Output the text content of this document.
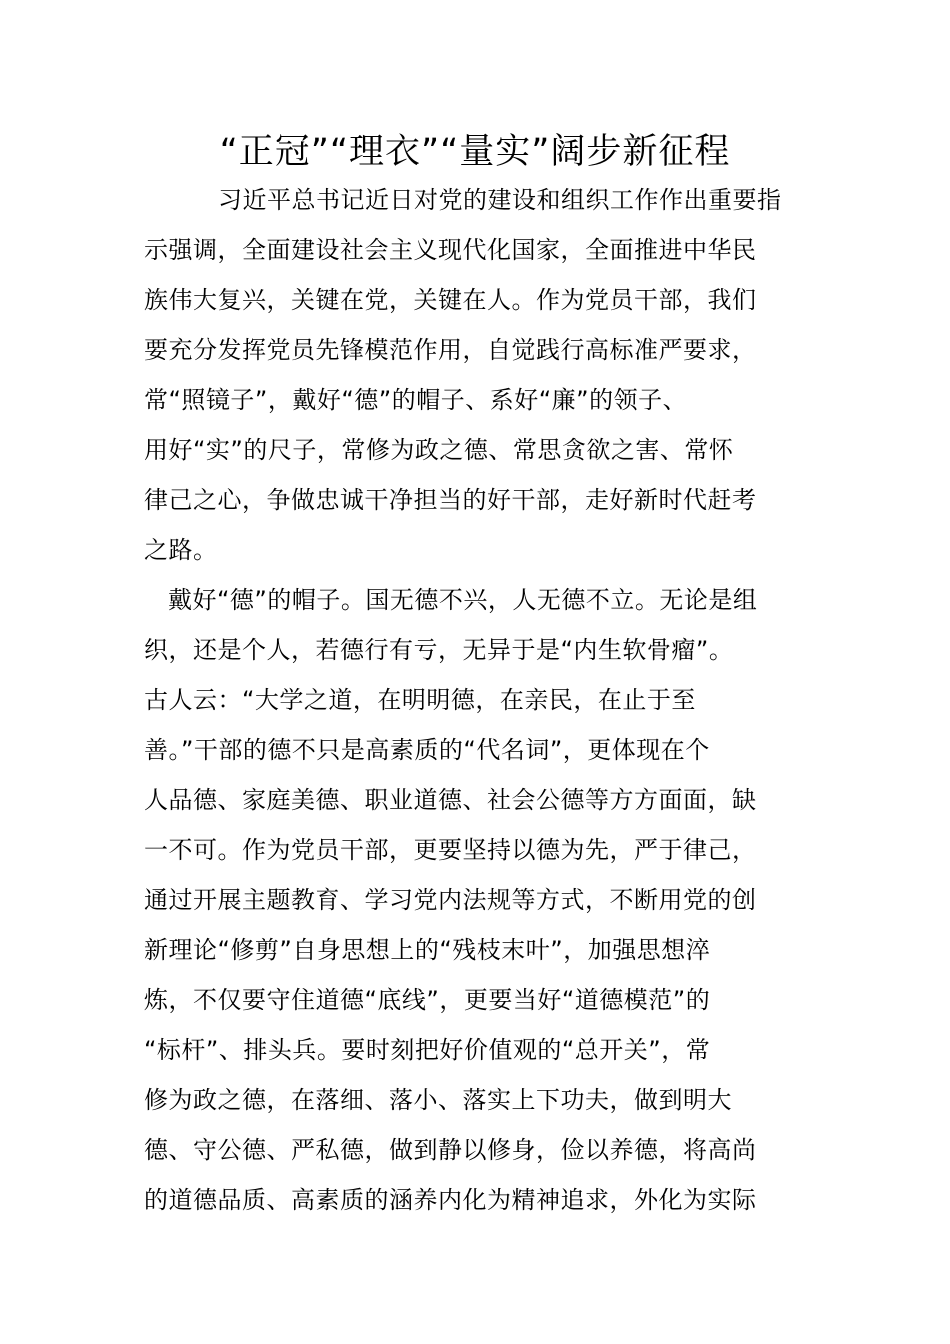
“正冠”“理衣”“量实”阔步新征程
习近平总书记近日对党的建设和组织工作作出重要指
示强调，全面建设社会主义现代化国家，全面推进中华民
族伟大复兴，关键在党，关键在人。作为党员干部，我们
要充分发挥党员先锋模范作用，自觉践行高标准严要求，
常“照镜子”，戴好“德”的帽子、系好“廉”的领子、
用好“实”的尺子，常修为政之德、常思贪欲之害、常怀
律己之心，争做忠诚干净担当的好干部，走好新时代赶考
之路。
戴好“德”的帽子。国无德不兴，人无德不立。无论是组
织，还是个人，若德行有亏，无异于是“内生软骨瘤”。
古人云：“大学之道，在明明德，在亲民，在止于至
善。”干部的德不只是高素质的“代名词”，更体现在个
人品德、家庭美德、职业道德、社会公德等方方面面，缺
一不可。作为党员干部，更要坚持以德为先，严于律己，
通过开展主题教育、学习党内法规等方式，不断用党的创
新理论“修剪”自身思想上的“残枝末叶”，加强思想淬
炼，不仅要守住道德“底线”，更要当好“道德模范”的
“标杆”、排头兵。要时刻把好价值观的“总开关”，常
修为政之德，在落细、落小、落实上下功夫，做到明大
德、守公德、严私德，做到静以修身，俭以养德，将高尚
的道德品质、高素质的涵养内化为精神追求，外化为实际
